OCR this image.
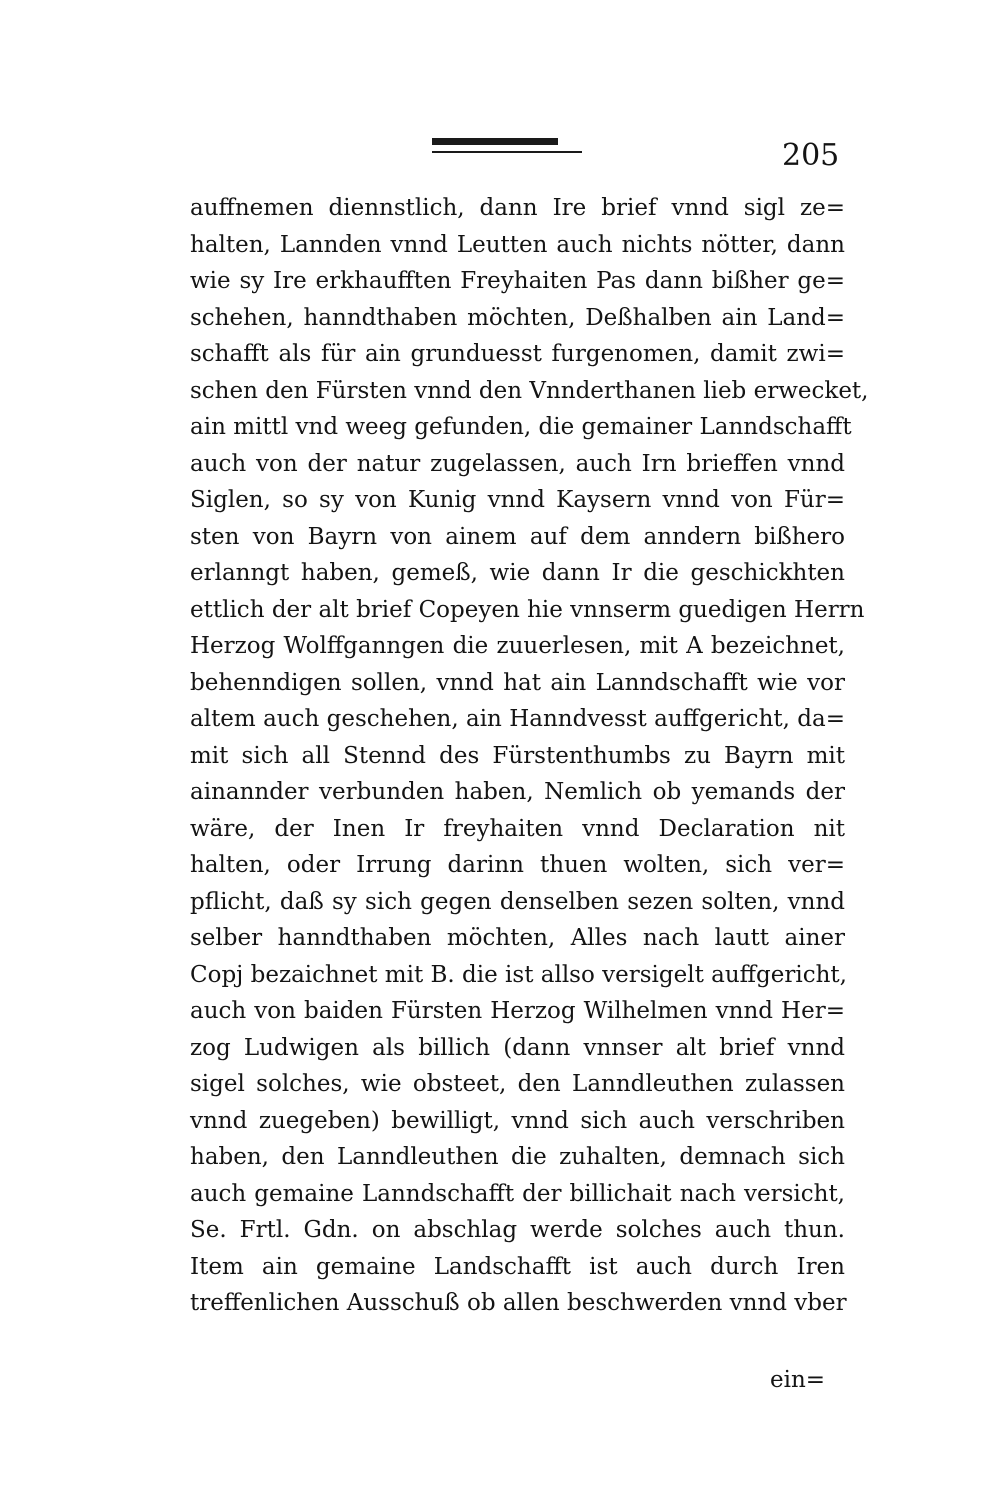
205
auffnemen diennstlich, dann Ire brief vnnd sigl ze=
halten, Lannden vnnd Leutten auch nichts nötter, dann
wie sy Ire erkhaufften Freyhaiten Pas dann bißher ge=
schehen, hanndthaben möchten, Deßhalben ain Land=
schafft als für ain grunduesst furgenomen, damit zwi=
schen den Fürsten vnnd den Vnnderthanen lieb erwecket,
ain mittl vnd weeg gefunden, die gemainer Lanndschafft
auch von der natur zugelassen, auch Irn brieffen vnnd
Siglen, so sy von Kunig vnnd Kaysern vnnd von Für=
sten von Bayrn von ainem auf dem anndern bißhero
erlanngt haben, gemeß, wie dann Ir die geschickhten
ettlich der alt brief Copeyen hie vnnserm guedigen Herrn
Herzog Wolffganngen die zuuerlesen, mit A bezeichnet,
behenndigen sollen, vnnd hat ain Lanndschafft wie vor
altem auch geschehen, ain Hanndvesst auffgericht, da=
mit sich all Stennd des Fürstenthumbs zu Bayrn mit
ainannder verbunden haben, Nemlich ob yemands der
wäre, der Inen Ir freyhaiten vnnd Declaration nit
halten, oder Irrung darinn thuen wolten, sich ver=
pflicht, daß sy sich gegen denselben sezen solten, vnnd
selber hanndthaben möchten, Alles nach lautt ainer
Copj bezaichnet mit B. die ist allso versigelt auffgericht,
auch von baiden Fürsten Herzog Wilhelmen vnnd Her=
zog Ludwigen als billich (dann vnnser alt brief vnnd
sigel solches, wie obsteet, den Lanndleuthen zulassen
vnnd zuegeben) bewilligt, vnnd sich auch verschriben
haben, den Lanndleuthen die zuhalten, demnach sich
auch gemaine Lanndschafft der billichait nach versicht,
Se. Frtl. Gdn. on abschlag werde solches auch thun.
Item ain gemaine Landschafft ist auch durch Iren
treffenlichen Ausschuß ob allen beschwerden vnnd vber
ein=
